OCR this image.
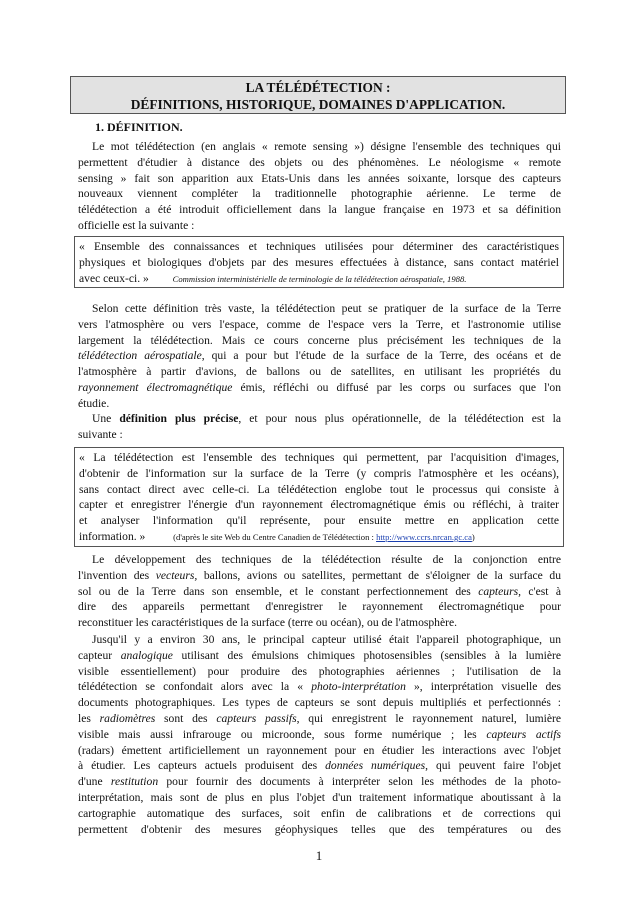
LA TÉLÉDÉTECTION :
DÉFINITIONS, HISTORIQUE, DOMAINES D'APPLICATION.
1. DÉFINITION.
Le mot télédétection (en anglais « remote sensing ») désigne l'ensemble des techniques qui
permettent d'étudier à distance des objets ou des phénomènes. Le néologisme « remote
sensing » fait son apparition aux Etats-Unis dans les années soixante, lorsque des capteurs
nouveaux viennent compléter la traditionnelle photographie aérienne. Le terme de
télédétection a été introduit officiellement dans la langue française en 1973 et sa définition
officielle est la suivante :
« Ensemble des connaissances et techniques utilisées pour déterminer des caractéristiques
physiques et biologiques d'objets par des mesures effectuées à distance, sans contact matériel
avec ceux-ci. »	Commission interministérielle de terminologie de la télédétection aérospatiale, 1988.
Selon cette définition très vaste, la télédétection peut se pratiquer de la surface de la Terre
vers l'atmosphère ou vers l'espace, comme de l'espace vers la Terre, et l'astronomie utilise
largement la télédétection. Mais ce cours concerne plus précisément les techniques de la
télédétection aérospatiale, qui a pour but l'étude de la surface de la Terre, des océans et de
l'atmosphère à partir d'avions, de ballons ou de satellites, en utilisant les propriétés du
rayonnement électromagnétique émis, réfléchi ou diffusé par les corps ou surfaces que l'on
étudie.
Une définition plus précise, et pour nous plus opérationnelle, de la télédétection est la
suivante :
« La télédétection est l'ensemble des techniques qui permettent, par l'acquisition d'images,
d'obtenir de l'information sur la surface de la Terre (y compris l'atmosphère et les océans),
sans contact direct avec celle-ci. La télédétection englobe tout le processus qui consiste à
capter et enregistrer l'énergie d'un rayonnement électromagnétique émis ou réfléchi, à traiter
et analyser l'information qu'il représente, pour ensuite mettre en application cette
information. »	(d'après le site Web du Centre Canadien de Télédétection : http://www.ccrs.nrcan.gc.ca)
Le développement des techniques de la télédétection résulte de la conjonction entre
l'invention des vecteurs, ballons, avions ou satellites, permettant de s'éloigner de la surface du
sol ou de la Terre dans son ensemble, et le constant perfectionnement des capteurs, c'est à
dire des appareils permettant d'enregistrer le rayonnement électromagnétique pour
reconstituer les caractéristiques de la surface (terre ou océan), ou de l'atmosphère.
Jusqu'il y a environ 30 ans, le principal capteur utilisé était l'appareil photographique, un
capteur analogique utilisant des émulsions chimiques photosensibles (sensibles à la lumière
visible essentiellement) pour produire des photographies aériennes ; l'utilisation de la
télédétection se confondait alors avec la « photo-interprétation », interprétation visuelle des
documents photographiques. Les types de capteurs se sont depuis multipliés et perfectionnés :
les radiomètres sont des capteurs passifs, qui enregistrent le rayonnement naturel, lumière
visible mais aussi infrarouge ou microonde, sous forme numérique ; les capteurs actifs
(radars) émettent artificiellement un rayonnement pour en étudier les interactions avec l'objet
à étudier. Les capteurs actuels produisent des données numériques, qui peuvent faire l'objet
d'une restitution pour fournir des documents à interpréter selon les méthodes de la photo-
interprétation, mais sont de plus en plus l'objet d'un traitement informatique aboutissant à la
cartographie automatique des surfaces, soit enfin de calibrations et de corrections qui
permettent d'obtenir des mesures géophysiques telles que des températures ou des
1
